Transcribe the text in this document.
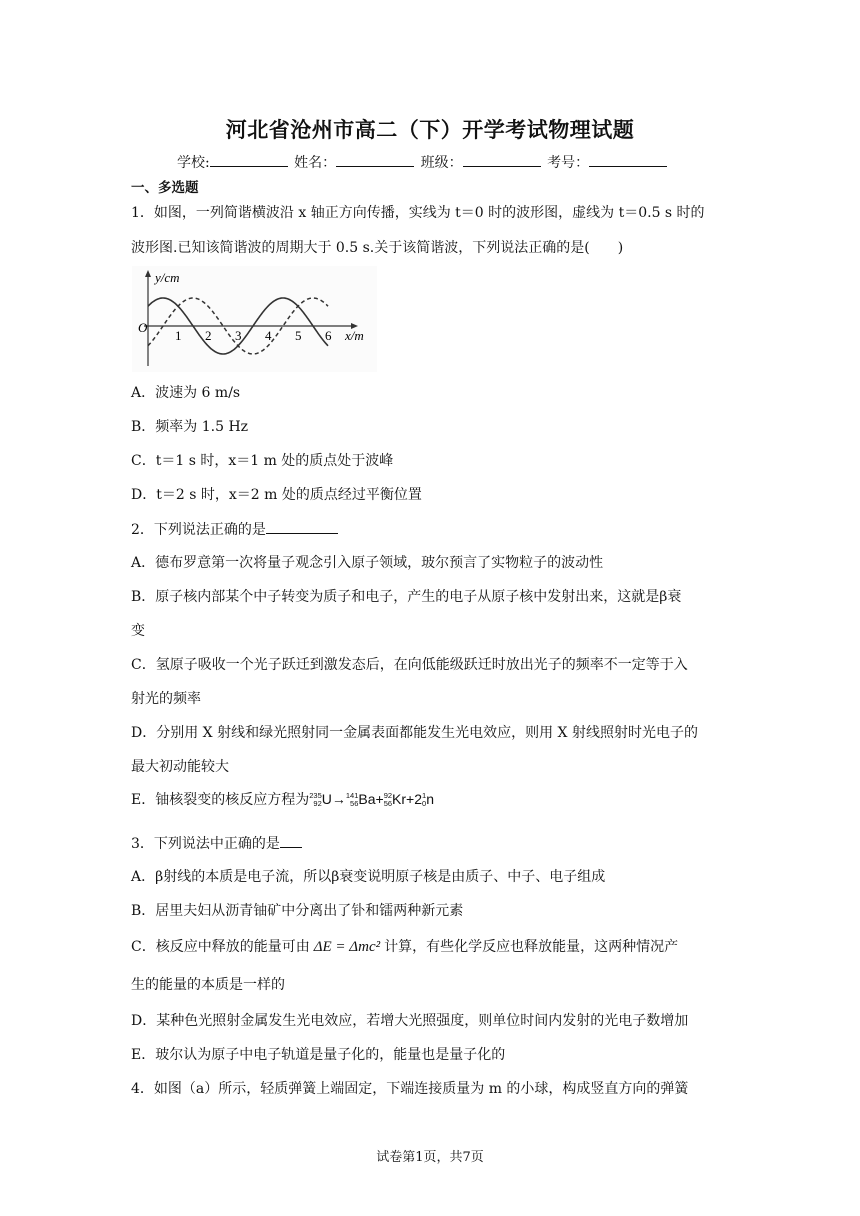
河北省沧州市高二（下）开学考试物理试题
学校:	姓名：	班级：	考号：
一、多选题
1．如图，一列简谐横波沿 x 轴正方向传播，实线为 t＝0 时的波形图，虚线为 t＝0.5 s 时的
波形图.已知该简谐波的周期大于 0.5 s.关于该简谐波，下列说法正确的是(　　)
y/cm
O
x/m
1 2 3 4 5 6
A．波速为 6 m/s
B．频率为 1.5 Hz
C．t＝1 s 时，x＝1 m 处的质点处于波峰
D．t＝2 s 时，x＝2 m 处的质点经过平衡位置
2．下列说法正确的是
A．德布罗意第一次将量子观念引入原子领域，玻尔预言了实物粒子的波动性
B．原子核内部某个中子转变为质子和电子，产生的电子从原子核中发射出来，这就是β衰
变
C．氢原子吸收一个光子跃迁到激发态后，在向低能级跃迁时放出光子的频率不一定等于入
射光的频率
D．分别用 X 射线和绿光照射同一金属表面都能发生光电效应，则用 X 射线照射时光电子的
最大初动能较大
E．铀核裂变的核反应方程为235
92U→141
56Ba+92
56Kr+21
0n
3．下列说法中正确的是
A．β射线的本质是电子流，所以β衰变说明原子核是由质子、中子、电子组成
B．居里夫妇从沥青铀矿中分离出了钋和镭两种新元素
C．核反应中释放的能量可由 ΔE = Δmc² 计算，有些化学反应也释放能量，这两种情况产
生的能量的本质是一样的
D．某种色光照射金属发生光电效应，若增大光照强度，则单位时间内发射的光电子数增加
E．玻尔认为原子中电子轨道是量子化的，能量也是量子化的
4．如图（a）所示，轻质弹簧上端固定，下端连接质量为 m 的小球，构成竖直方向的弹簧
试卷第1页，共7页
